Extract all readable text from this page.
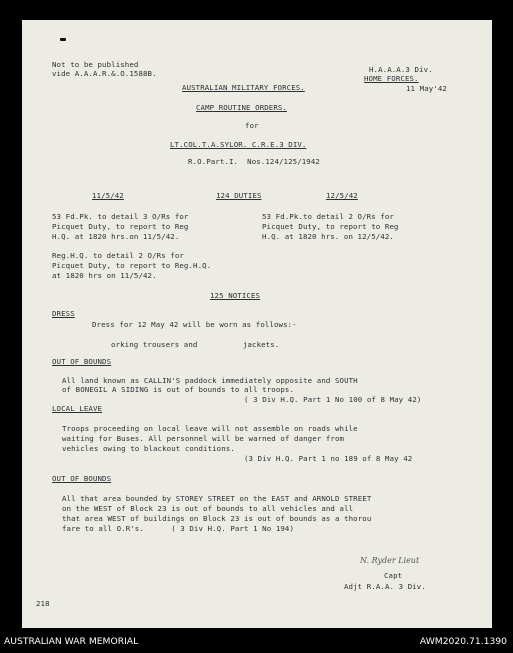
Not to be published
vide A.A.A.R.&.O.1588B.	H.A.A.A.3 Div.
HOME FORCES.
11 May'42
AUSTRALIAN MILITARY FORCES.
CAMP ROUTINE ORDERS.
for
LT.COL.T.A.SYLOR. C.R.E.3 DIV.
R.O.Part.I.  Nos.124/125/1942
11/5/42	124 DUTIES	12/5/42
53 Fd.Pk. to detail 3 O/Rs for
Picquet Duty, to report to Reg
H.Q. at 1820 hrs.on 11/5/42.
53 Fd.Pk.to detail 2 O/Rs for
Picquet Duty, to report to Reg
H.Q. at 1820 hrs. on 12/5/42.
Reg.H.Q. to detail 2 O/Rs for
Picquet Duty, to report to Reg.H.Q.
at 1820 hrs on 11/5/42.
125 NOTICES
DRESS
Dress for 12 May 42 will be worn as follows:-
orking trousers and          jackets.
OUT OF BOUNDS
All land known as CALLIN'S paddock immediately opposite and SOUTH
of BONEGIL A SIDING is out of bounds to all troops.
( 3 Div H.Q. Part 1 No 100 of 8 May 42)
LOCAL LEAVE
Troops proceeding on local leave will not assemble on roads while
waiting for Buses. All personnel will be warned of danger from
vehicles owing to blackout conditions.
(3 Div H.Q. Part 1 no 189 of 8 May 42
OUT OF BOUNDS
All that area bounded by STOREY STREET on the EAST and ARNOLD STREET
on the WEST of Block 23 is out of bounds to all vehicles and all
that area WEST of buildings on Block 23 is out of bounds as a thorou
fare to all O.R's.      ( 3 Div H.Q. Part 1 No 194)
N. Ryder Lieut
Capt
Adjt R.A.A. 3 Div.
218
AUSTRALIAN WAR MEMORIAL	AWM2020.71.1390
